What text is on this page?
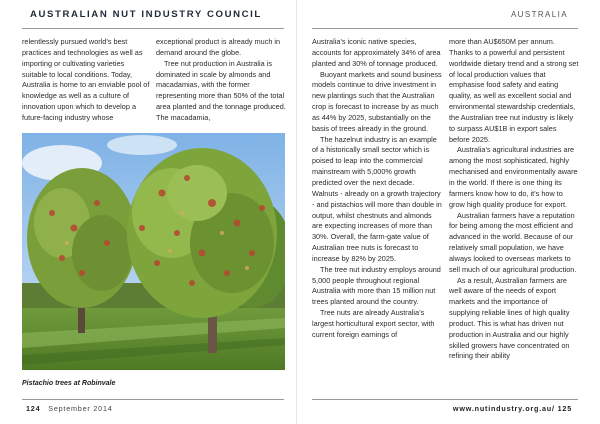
AUSTRALIAN NUT INDUSTRY COUNCIL	AUSTRALIA

relentlessly pursued world’s best practices and technologies as well as importing or cultivating varieties suitable to local conditions. Today, Australia is home to an enviable pool of knowledge as well as a culture of innovation upon which to develop a future-facing industry whose

exceptional product is already much in demand around the globe.

Tree nut production in Australia is dominated in scale by almonds and macadamias, with the former representing more than 50% of the total area planted and the tonnage produced. The macadamia,

Pistachio trees at Robinvale

Australia’s iconic native species, accounts for approximately 34% of area planted and 30% of tonnage produced.

Buoyant markets and sound business models continue to drive investment in new plantings such that the Australian crop is forecast to increase by as much as 44% by 2025, substantially on the basis of trees already in the ground.

The hazelnut industry is an example of a historically small sector which is poised to leap into the commercial mainstream with 5,000% growth predicted over the next decade. Walnuts - already on a growth trajectory - and pistachios will more than double in output, whilst chestnuts and almonds are expecting increases of more than 30%. Overall, the farm-gate value of Australian tree nuts is forecast to increase by 82% by 2025.

The tree nut industry employs around 5,000 people throughout regional Australia with more than 15 million nut trees planted around the country.

Tree nuts are already Australia’s largest horticultural export sector, with current foreign earnings of

more than AU$650M per annum. Thanks to a powerful and persistent worldwide dietary trend and a strong set of local production values that emphasise food safety and eating quality, as well as excellent social and environmental stewardship credentials, the Australian tree nut industry is likely to surpass AU$1B in export sales before 2025.

Australia’s agricultural industries are among the most sophisticated, highly mechanised and environmentally aware in the world. If there is one thing its farmers know how to do, it’s how to grow high quality produce for export.

Australian farmers have a reputation for being among the most efficient and advanced in the world. Because of our relatively small population, we have always looked to overseas markets to sell much of our agricultural production.

As a result, Australian farmers are well aware of the needs of export markets and the importance of supplying reliable lines of high quality product. This is what has driven nut production in Australia and our highly skilled growers have concentrated on refining their ability

124 September 2014	www.nutindustry.org.au/ 125
